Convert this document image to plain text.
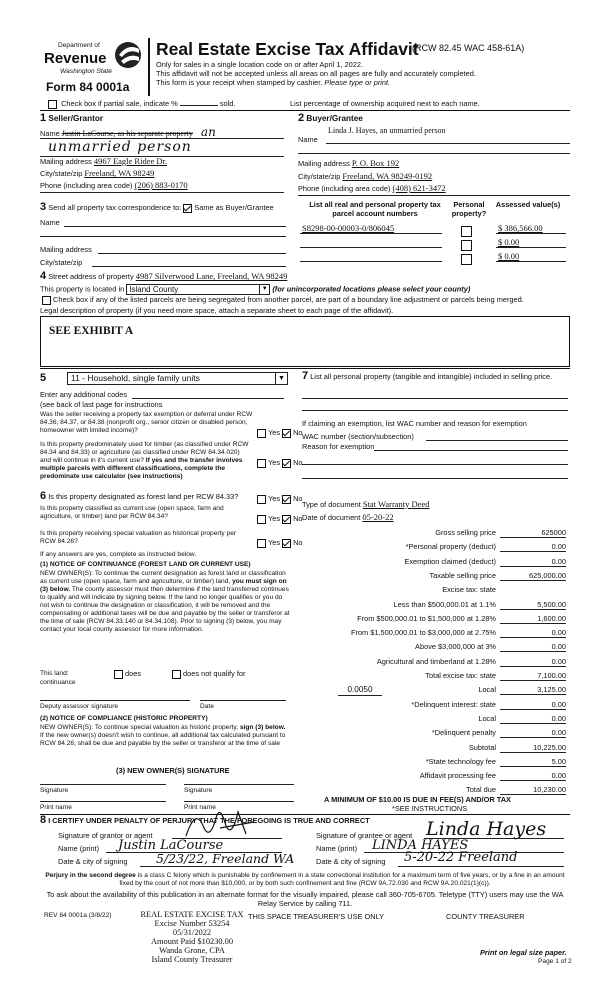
Department of
Revenue
Washington State
Form 84 0001a
Real Estate Excise Tax Affidavit
(RCW 82.45 WAC 458-61A)
Only for sales in a single location code on or after April 1, 2022.
This affidavit will not be accepted unless all areas on all pages are fully and accurately completed.
This form is your receipt when stamped by cashier. Please type or print.
Check box if partial sale, indicate %	sold.	List percentage of ownership acquired next to each name.
1 Seller/Grantor
Name Justin LaCourse, as his separate property an
unmarried person
Mailing address 4967 Eagle Ridee Dr.
City/state/zip Freeland, WA 98249
Phone (including area code) (206) 883-0170
2 Buyer/Grantee
Linda J. Hayes, an unmarried person
Name
Mailing address P. O. Box 192
City/state/zip Freeland, WA 98249-0192
Phone (including area code) (408) 621-3472
3 Send all property tax correspondence to: Same as Buyer/Grantee
Name
Mailing address
City/state/zip
List all real and personal property tax parcel account numbers
Personal property?
Assessed value(s)
S8298-00-00003-0/806045	$ 386,566.00
$ 0.00
$ 0.00
4 Street address of property 4987 Silverwood Lane, Freeland, WA 98249
This property is located in Island County	▼ (for unincorporated locations please select your county)
Check box if any of the listed parcels are being segregated from another parcel, are part of a boundary line adjustment or parcels being merged.
Legal description of property (if you need more space, attach a separate sheet to each page of the affidavit).
SEE EXHIBIT A
5	11 - Household, single family units	▼
Enter any additional codes
(see back of last page for instructions
Was the seller receiving a property tax exemption or deferral under RCW 84.36, 84.37, or 84.38 (nonprofit org., senior citizen or disabled person, homeowner with limited income)?	Yes No
Is this property predominately used for timber (as classified under RCW 84.34 and 84.33) or agriculture (as classified under RCW 84.34.020) and will continue in it's current use? If yes and the transfer involves multiple parcels with different classifications, complete the predominate use calculator (see instructions)
Yes No
6 Is this property designated as forest land per RCW 84.33?	Yes No
Is this property classified as current use (open space, farm and agriculture, or timber) land per RCW 84.34?	Yes No
Is this property receiving special valuation as historical property per RCW 84.26?	Yes No
If any answers are yes, complete as instructed below.
(1) NOTICE OF CONTINUANCE (FOREST LAND OR CURRENT USE)
NEW OWNER(S): To continue the current designation as forest land or classification as current use (open space, farm and agriculture, or timber) land, you must sign on (3) below. The county assessor must then determine if the land transferred continues to qualify and will indicate by signing below. If the land no longer qualifies or you do not wish to continue the designation or classification, it will be removed and the compensating or additional taxes will be due and payable by the seller or transferor at the time of sale (RCW 84.33.140 or 84.34.108). Prior to signing (3) below, you may contact your local county assessor for more information.
This land:
continuance
does	does not qualify for
Deputy assessor signature	Date
(2) NOTICE OF COMPLIANCE (HISTORIC PROPERTY)
NEW OWNER(S): To continue special valuation as historic property, sign (3) below. If the new owner(s) doesn't wish to continue, all additional tax calculated pursuant to RCW 84.26, shall be due and payable by the seller or transferor at the time of sale
(3) NEW OWNER(S) SIGNATURE
Signature	Signature
Print name	Print name
7 List all personal property (tangible and intangible) included in selling price.
If claiming an exemption, list WAC number and reason for exemption
WAC number (section/subsection)
Reason for exemption
Type of document Stat Warranty Deed
Date of document 05-20-22
Gross selling price	625000
*Personal property (deduct)	0.00
Exemption claimed (deduct)	0.00
Taxable selling price	625,000.00
Excise tax: state
Less than $500,000.01 at 1.1%	5,500.00
From $500,000.01 to $1,500,000 at 1.28%	1,600.00
From $1,500,000.01 to $3,000,000 at 2.75%	0.00
Above $3,000,000 at 3%	0.00
Agricultural and timberland at 1.28%	0.00
Total excise tax: state	7,100.00
Local	3,125.00
0.0050
*Delinquent interest: state	0.00
Local	0.00
*Delinquent penalty	0.00
Subtotal	10,225.00
*State technology fee	5.00
Affidavit processing fee	0.00
Total due	10,230.00
A MINIMUM OF $10.00 IS DUE IN FEE(S) AND/OR TAX
*SEE INSTRUCTIONS
8 I CERTIFY UNDER PENALTY OF PERJURY THAT THE FOREGOING IS TRUE AND CORRECT
Signature of grantor or agent
Name (print) Justin LaCourse
Date & city of signing 5/23/22, Freeland WA
Signature of grantee or agent Linda Hayes
Name (print) LINDA HAYES
Date & city of signing 5-20-22 Freeland
Perjury in the second degree is a class C felony which is punishable by confinement in a state correctional institution for a maximum term of five years, or by a fine in an amount fixed by the court of not more than $10,000, or by both such confinement and fine (RCW 9A.72.030 and RCW 9A.20.021(1)(c)).
To ask about the availability of this publication in an alternate format for the visually impaired, please call 360-705-6705. Teletype (TTY) users may use the WA Relay Service by calling 711.
REV 84 0001a (3/8/22)	REAL ESTATE EXCISE TAX
Excise Number 53254
05/31/2022
Amount Paid $10230.00
Wanda Grone, CPA
Island County Treasurer
THIS SPACE TREASURER'S USE ONLY	COUNTY TREASURER
Print on legal size paper.
Page 1 of 2
